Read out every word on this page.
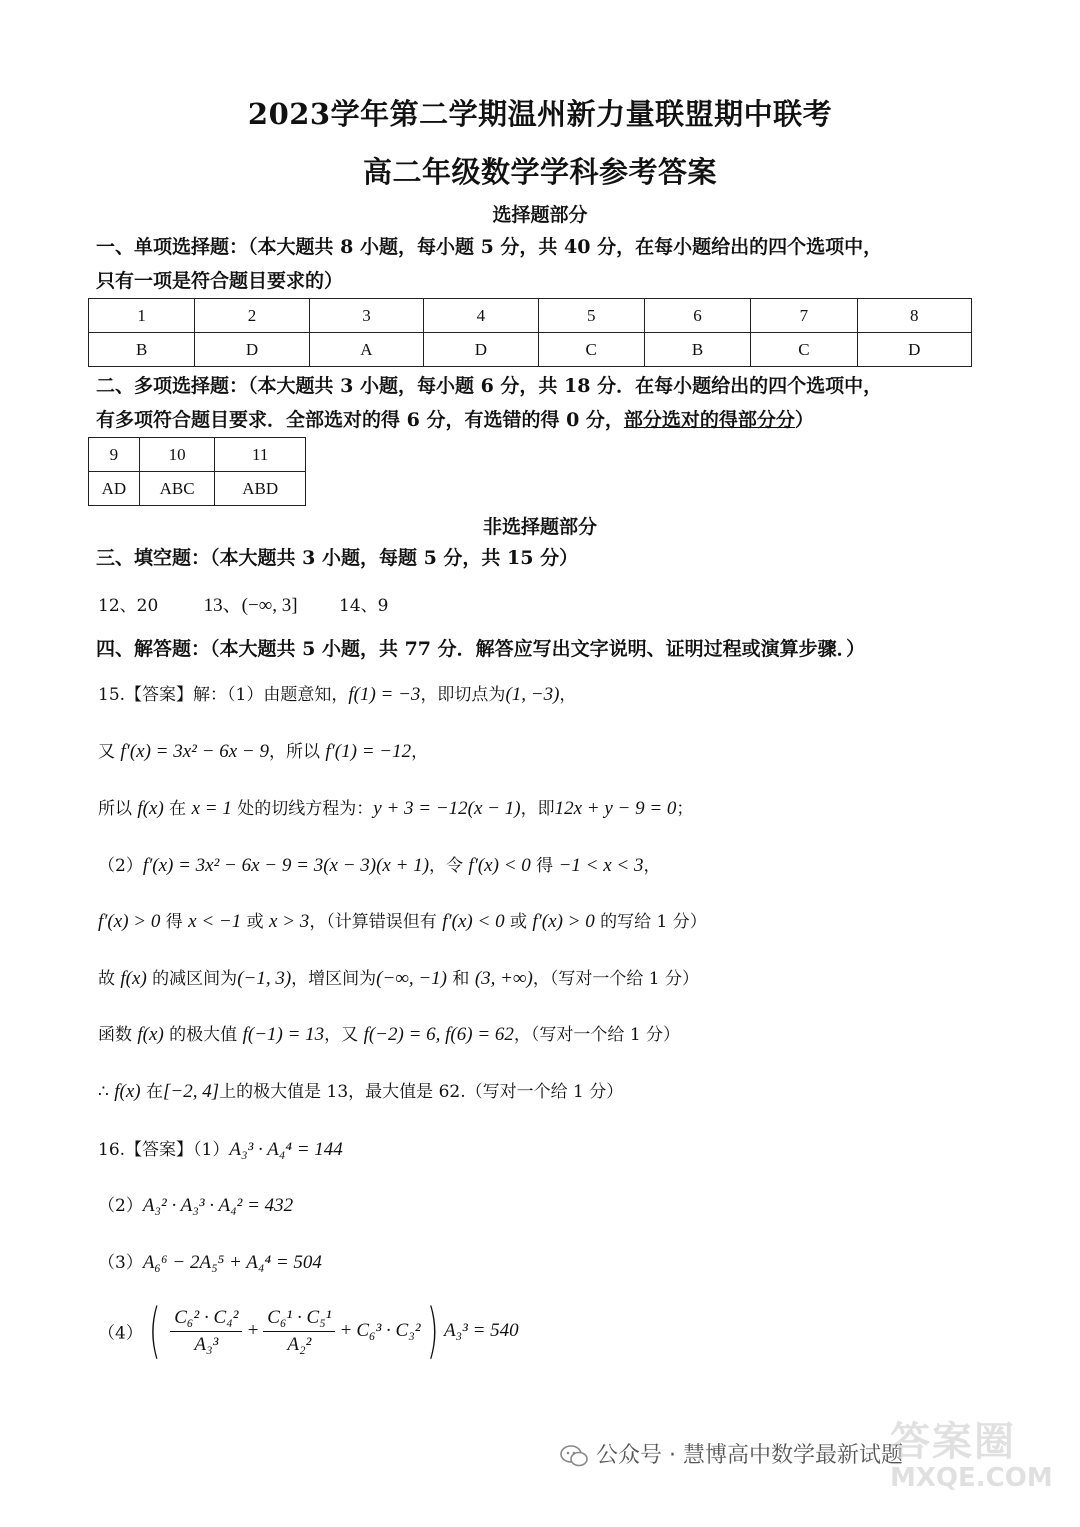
2023学年第二学期温州新力量联盟期中联考
高二年级数学学科参考答案
选择题部分
一、单项选择题：（本大题共 8 小题，每小题 5 分，共 40 分，在每小题给出的四个选项中，
只有一项是符合题目要求的）
1	2	3	4	5	6	7	8
B	D	A	D	C	B	C	D
二、多项选择题：（本大题共 3 小题，每小题 6 分，共 18 分．在每小题给出的四个选项中，
有多项符合题目要求．全部选对的得 6 分，有选错的得 0 分，部分选对的得部分分）
9	10	11
AD	ABC	ABD
非选择题部分
三、填空题：（本大题共 3 小题，每题 5 分，共 15 分）
12、20 13、(−∞, 3] 14、9
四、解答题：（本大题共 5 小题，共 77 分．解答应写出文字说明、证明过程或演算步骤．）
15.【答案】解：（1）由题意知，f(1) = −3，即切点为(1, −3)，
又 f′(x) = 3x² − 6x − 9，所以 f′(1) = −12，
所以 f(x) 在 x = 1 处的切线方程为：y + 3 = −12(x − 1)，即12x + y − 9 = 0；
（2）f′(x) = 3x² − 6x − 9 = 3(x − 3)(x + 1)，令 f′(x) < 0 得 −1 < x < 3，
f′(x) > 0 得 x < −1 或 x > 3，（计算错误但有 f′(x) < 0 或 f′(x) > 0 的写给 1 分）
故 f(x) 的减区间为(−1, 3)，增区间为(−∞, −1) 和 (3, +∞)，（写对一个给 1 分）
函数 f(x) 的极大值 f(−1) = 13，又 f(−2) = 6, f(6) = 62，（写对一个给 1 分）
∴ f(x) 在[−2, 4]上的极大值是 13，最大值是 62.（写对一个给 1 分）
16.【答案】（1）A₃³ · A₄⁴ = 144
（2）A₃² · A₃³ · A₄² = 432
（3）A₆⁶ − 2A₅⁵ + A₄⁴ = 504
$(4)( \frac{\text{C₆² · C₄²}}{\text{A₃³}} + \frac{\text{C₆¹ · C₅¹}}{\text{A₂²}} + C_6^3 \cdot C_3^2)$ A₃³ = 540
公众号 · 慧博高中数学最新试题
答案圈
MXQE.COM
